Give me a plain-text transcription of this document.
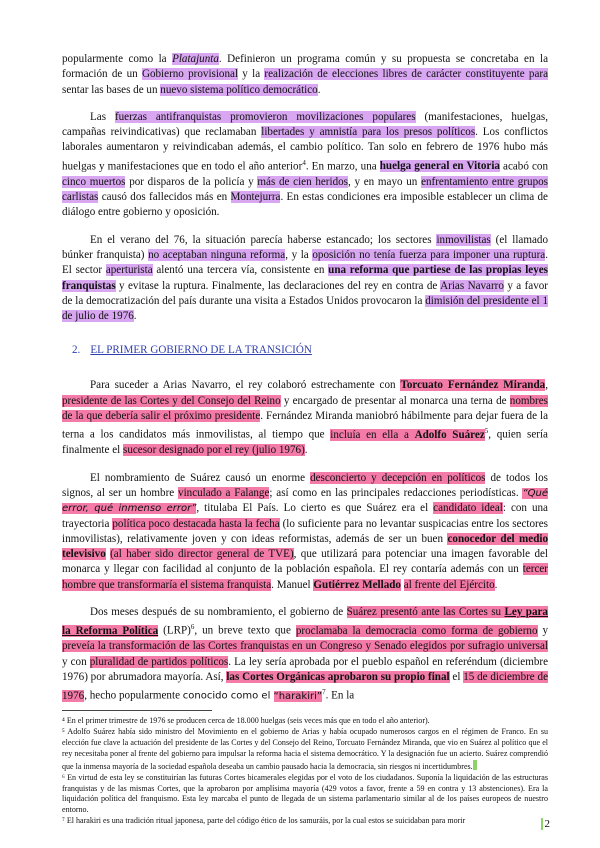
popularmente como la Platajunta. Definieron un programa común y su propuesta se concretaba en la formación de un Gobierno provisional y la realización de elecciones libres de carácter constituyente para sentar las bases de un nuevo sistema político democrático.

Las fuerzas antifranquistas promovieron movilizaciones populares (manifestaciones, huelgas, campañas reivindicativas) que reclamaban libertades y amnistía para los presos políticos. Los conflictos laborales aumentaron y reivindicaban además, el cambio político. Tan solo en febrero de 1976 hubo más huelgas y manifestaciones que en todo el año anterior$^4$. En marzo, una huelga general en Vitoria acabó con cinco muertos por disparos de la policía y más de cien heridos, y en mayo un enfrentamiento entre grupos carlistas causó dos fallecidos más en Montejurra. En estas condiciones era imposible establecer un clima de diálogo entre gobierno y oposición.

En el verano del 76, la situación parecía haberse estancado; los sectores inmovilistas (el llamado búnker franquista) no aceptaban ninguna reforma, y la oposición no tenía fuerza para imponer una ruptura. El sector aperturista alentó una tercera vía, consistente en una reforma que partiese de las propias leyes franquistas y evitase la ruptura. Finalmente, las declaraciones del rey en contra de Arias Navarro y a favor de la democratización del país durante una visita a Estados Unidos provocaron la dimisión del presidente el 1 de julio de 1976.

2. EL PRIMER GOBIERNO DE LA TRANSICIÓN

Para suceder a Arias Navarro, el rey colaboró estrechamente con Torcuato Fernández Miranda, presidente de las Cortes y del Consejo del Reino y encargado de presentar al monarca una terna de nombres de la que debería salir el próximo presidente. Fernández Miranda maniobró hábilmente para dejar fuera de la terna a los candidatos más inmovilistas, al tiempo que incluía en ella a Adolfo Suárez$^5$, quien sería finalmente el sucesor designado por el rey (julio 1976).

El nombramiento de Suárez causó un enorme desconcierto y decepción en políticos de todos los signos, al ser un hombre vinculado a Falange; así como en las principales redacciones periodísticas. “Qué error, qué inmenso error”, titulaba El País. Lo cierto es que Suárez era el candidato ideal: con una trayectoria política poco destacada hasta la fecha (lo suficiente para no levantar suspicacias entre los sectores inmovilistas), relativamente joven y con ideas reformistas, además de ser un buen conocedor del medio televisivo (al haber sido director general de TVE), que utilizará para potenciar una imagen favorable del monarca y llegar con facilidad al conjunto de la población española. El rey contaría además con un tercer hombre que transformaría el sistema franquista. Manuel Gutiérrez Mellado al frente del Ejército.

Dos meses después de su nombramiento, el gobierno de Suárez presentó ante las Cortes su Ley para la Reforma Política (LRP)$^6$, un breve texto que proclamaba la democracia como forma de gobierno y preveía la transformación de las Cortes franquistas en un Congreso y Senado elegidos por sufragio universal y con pluralidad de partidos políticos. La ley sería aprobada por el pueblo español en referéndum (diciembre 1976) por abrumadora mayoría. Así, las Cortes Orgánicas aprobaron su propio final el 15 de diciembre de 1976, hecho popularmente conocido como el “harakiri”$^7$. En la

⁴ En el primer trimestre de 1976 se producen cerca de 18.000 huelgas (seis veces más que en todo el año anterior).

⁵ Adolfo Suárez había sido ministro del Movimiento en el gobierno de Arias y había ocupado numerosos cargos en el régimen de Franco. En su elección fue clave la actuación del presidente de las Cortes y del Consejo del Reino, Torcuato Fernández Miranda, que vio en Suárez al político que el rey necesitaba poner al frente del gobierno para impulsar la reforma hacia el sistema democrático. Y la designación fue un acierto. Suárez comprendió que la inmensa mayoría de la sociedad española deseaba un cambio pausado hacia la democracia, sin riesgos ni incertidumbres.

⁶ En virtud de esta ley se constituirían las futuras Cortes bicamerales elegidas por el voto de los ciudadanos. Suponía la liquidación de las estructuras franquistas y de las mismas Cortes, que la aprobaron por amplísima mayoría (429 votos a favor, frente a 59 en contra y 13 abstenciones). Era la liquidación política del franquismo. Esta ley marcaba el punto de llegada de un sistema parlamentario similar al de los países europeos de nuestro entorno.

⁷ El harakiri es una tradición ritual japonesa, parte del código ético de los samuráis, por la cual estos se suicidaban para morir	2
